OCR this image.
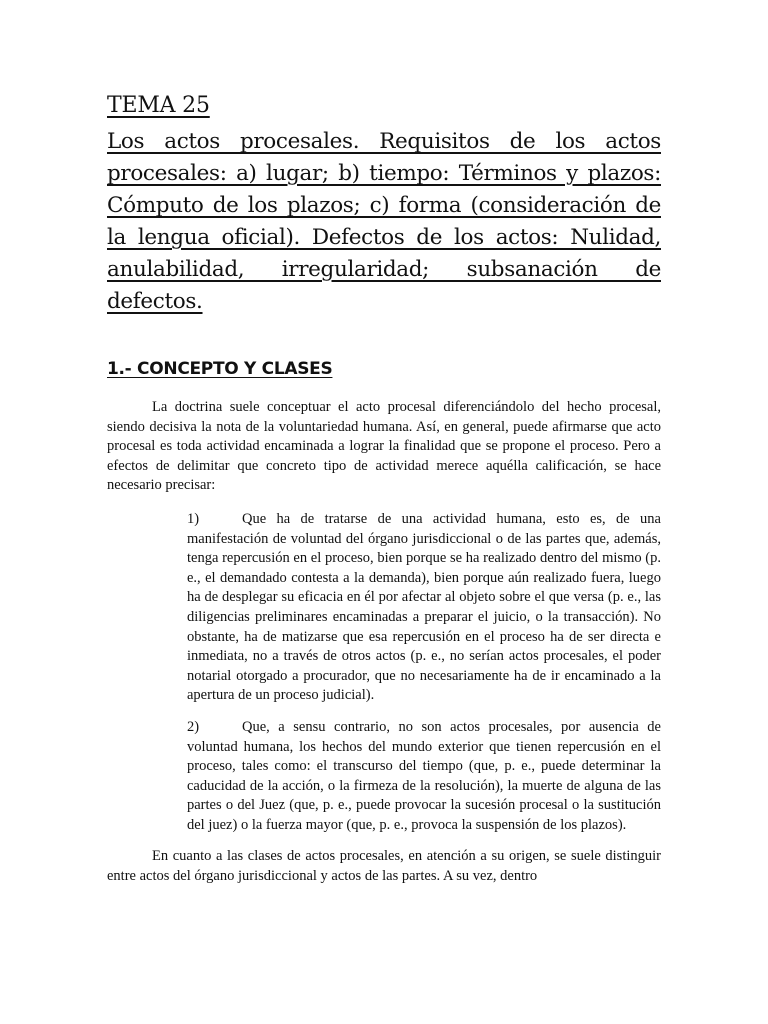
TEMA 25
Los actos procesales. Requisitos de los actos procesales: a) lugar; b) tiempo: Términos y plazos: Cómputo de los plazos; c) forma (consideración de la lengua oficial). Defectos de los actos: Nulidad, anulabilidad, irregularidad; subsanación de defectos.
1.- CONCEPTO Y CLASES

La doctrina suele conceptuar el acto procesal diferenciándolo del hecho procesal, siendo decisiva la nota de la voluntariedad humana. Así, en general, puede afirmarse que acto procesal es toda actividad encaminada a lograr la finalidad que se propone el proceso. Pero a efectos de delimitar que concreto tipo de actividad merece aquélla calificación, se hace necesario precisar:

1)	Que ha de tratarse de una actividad humana, esto es, de una manifestación de voluntad del órgano jurisdiccional o de las partes que, además, tenga repercusión en el proceso, bien porque se ha realizado dentro del mismo (p. e., el demandado contesta a la demanda), bien porque aún realizado fuera, luego ha de desplegar su eficacia en él por afectar al objeto sobre el que versa (p. e., las diligencias preliminares encaminadas a preparar el juicio, o la transacción). No obstante, ha de matizarse que esa repercusión en el proceso ha de ser directa e inmediata, no a través de otros actos (p. e., no serían actos procesales, el poder notarial otorgado a procurador, que no necesariamente ha de ir encaminado a la apertura de un proceso judicial).
2)	Que, a sensu contrario, no son actos procesales, por ausencia de voluntad humana, los hechos del mundo exterior que tienen repercusión en el proceso, tales como: el transcurso del tiempo (que, p. e., puede determinar la caducidad de la acción, o la firmeza de la resolución), la muerte de alguna de las partes o del Juez (que, p. e., puede provocar la sucesión procesal o la sustitución del juez) o la fuerza mayor (que, p. e., provoca la suspensión de los plazos).

En cuanto a las clases de actos procesales, en atención a su origen, se suele distinguir entre actos del órgano jurisdiccional y actos de las partes. A su vez, dentro
